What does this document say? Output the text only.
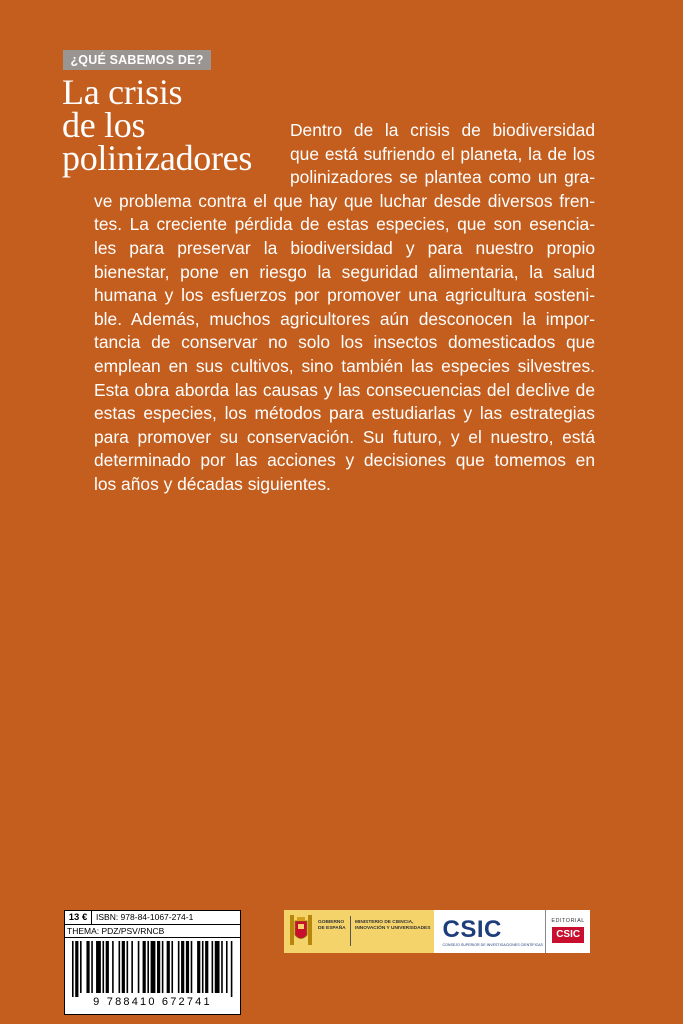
¿QUÉ SABEMOS DE?
La crisis
de los
polinizadores
Dentro de la crisis de biodiversidad
que está sufriendo el planeta, la de los
polinizadores se plantea como un gra-
ve problema contra el que hay que luchar desde diversos fren-
tes. La creciente pérdida de estas especies, que son esencia-
les para preservar la biodiversidad y para nuestro propio
bienestar, pone en riesgo la seguridad alimentaria, la salud
humana y los esfuerzos por promover una agricultura sosteni-
ble. Además, muchos agricultores aún desconocen la impor-
tancia de conservar no solo los insectos domesticados que
emplean en sus cultivos, sino también las especies silvestres.
Esta obra aborda las causas y las consecuencias del declive de
estas especies, los métodos para estudiarlas y las estrategias
para promover su conservación. Su futuro, y el nuestro, está
determinado por las acciones y decisiones que tomemos en
los años y décadas siguientes.
13 €	ISBN: 978-84-1067-274-1
THEMA: PDZ/PSV/RNCB
9 788410 672741
GOBIERNO DE ESPAÑA
MINISTERIO DE CIENCIA, INNOVACIÓN Y UNIVERSIDADES CSIC
CONSEJO SUPERIOR DE INVESTIGACIONES CIENTÍFICAS
EDITORIAL
CSIC
